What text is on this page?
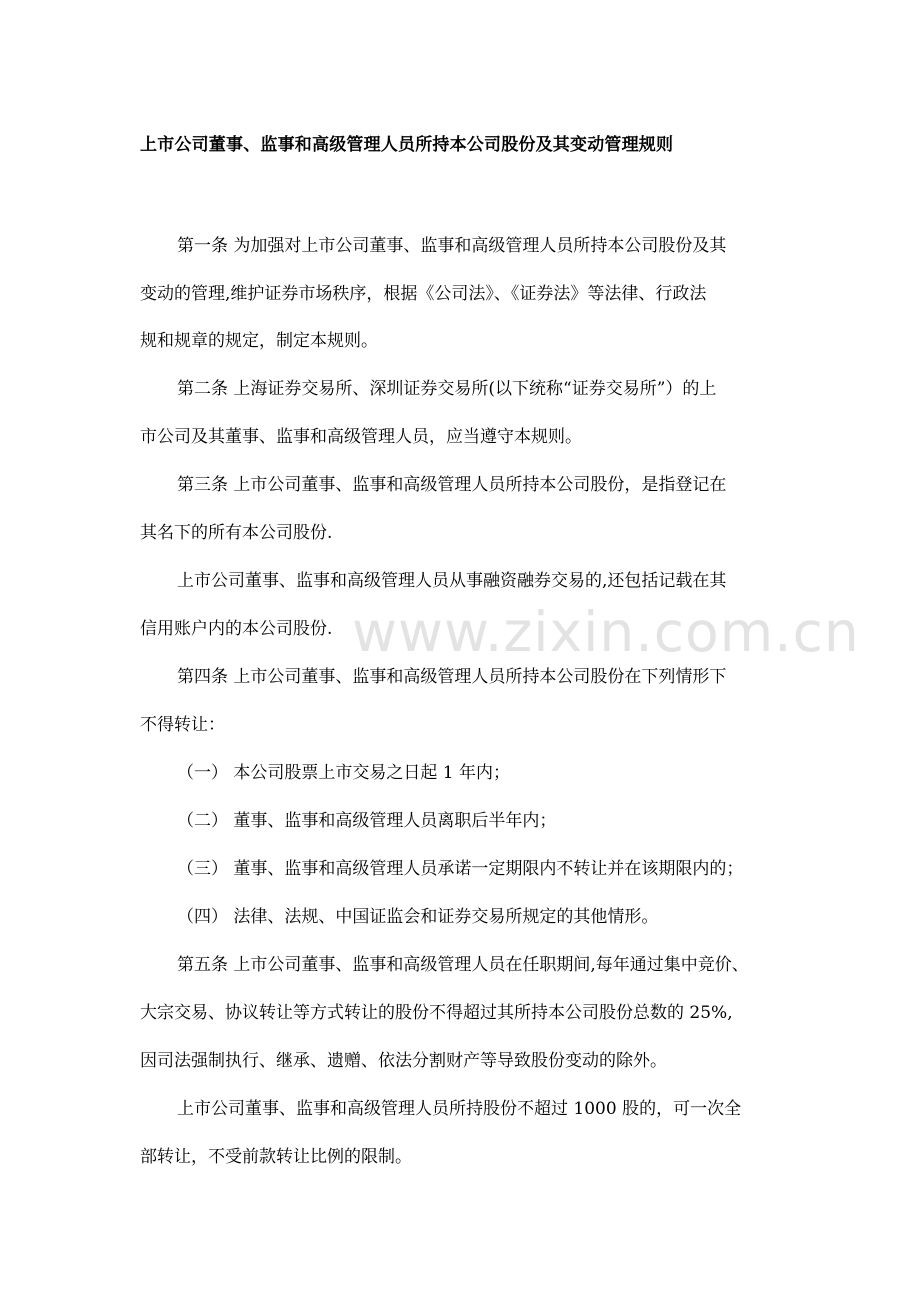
上市公司董事、监事和高级管理人员所持本公司股份及其变动管理规则
第一条 为加强对上市公司董事、监事和高级管理人员所持本公司股份及其
变动的管理,维护证券市场秩序，根据《公司法》、《证券法》等法律、行政法
规和规章的规定，制定本规则。
第二条 上海证券交易所、深圳证券交易所(以下统称“证券交易所”）的上
市公司及其董事、监事和高级管理人员，应当遵守本规则。
第三条 上市公司董事、监事和高级管理人员所持本公司股份，是指登记在
其名下的所有本公司股份.
上市公司董事、监事和高级管理人员从事融资融券交易的,还包括记载在其
信用账户内的本公司股份.
第四条 上市公司董事、监事和高级管理人员所持本公司股份在下列情形下
不得转让：
（一） 本公司股票上市交易之日起 1 年内；
（二） 董事、监事和高级管理人员离职后半年内；
（三） 董事、监事和高级管理人员承诺一定期限内不转让并在该期限内的；
（四） 法律、法规、中国证监会和证券交易所规定的其他情形。
第五条 上市公司董事、监事和高级管理人员在任职期间,每年通过集中竞价、
大宗交易、协议转让等方式转让的股份不得超过其所持本公司股份总数的 25%,
因司法强制执行、继承、遗赠、依法分割财产等导致股份变动的除外。
上市公司董事、监事和高级管理人员所持股份不超过 1000 股的，可一次全
部转让，不受前款转让比例的限制。
www.zixin.com.cn
